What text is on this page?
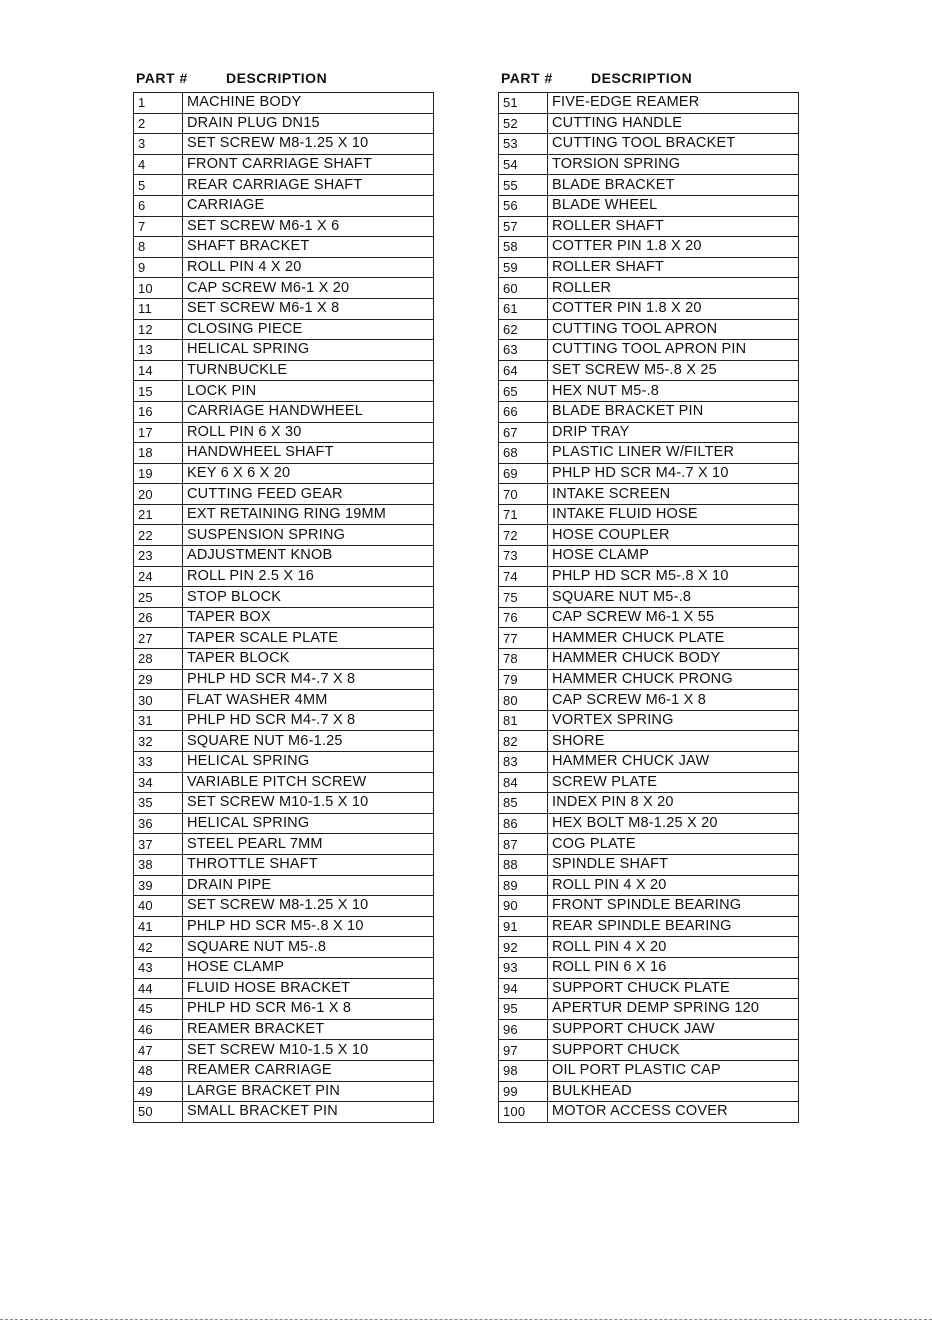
PART #	DESCRIPTION
1	MACHINE BODY
2	DRAIN PLUG DN15
3	SET SCREW M8-1.25 X 10
4	FRONT CARRIAGE SHAFT
5	REAR CARRIAGE SHAFT
6	CARRIAGE
7	SET SCREW M6-1 X 6
8	SHAFT BRACKET
9	ROLL PIN 4 X 20
10	CAP SCREW M6-1 X 20
11	SET SCREW M6-1 X 8
12	CLOSING PIECE
13	HELICAL SPRING
14	TURNBUCKLE
15	LOCK PIN
16	CARRIAGE HANDWHEEL
17	ROLL PIN 6 X 30
18	HANDWHEEL SHAFT
19	KEY 6 X 6 X 20
20	CUTTING FEED GEAR
21	EXT RETAINING RING 19MM
22	SUSPENSION SPRING
23	ADJUSTMENT KNOB
24	ROLL PIN 2.5 X 16
25	STOP BLOCK
26	TAPER BOX
27	TAPER SCALE PLATE
28	TAPER BLOCK
29	PHLP HD SCR M4-.7 X 8
30	FLAT WASHER 4MM
31	PHLP HD SCR M4-.7 X 8
32	SQUARE NUT M6-1.25
33	HELICAL SPRING
34	VARIABLE PITCH SCREW
35	SET SCREW M10-1.5 X 10
36	HELICAL SPRING
37	STEEL PEARL 7MM
38	THROTTLE SHAFT
39	DRAIN PIPE
40	SET SCREW M8-1.25 X 10
41	PHLP HD SCR M5-.8 X 10
42	SQUARE NUT M5-.8
43	HOSE CLAMP
44	FLUID HOSE BRACKET
45	PHLP HD SCR M6-1 X 8
46	REAMER BRACKET
47	SET SCREW M10-1.5 X 10
48	REAMER CARRIAGE
49	LARGE BRACKET PIN
50	SMALL BRACKET PIN
PART #	DESCRIPTION
51	FIVE-EDGE REAMER
52	CUTTING HANDLE
53	CUTTING TOOL BRACKET
54	TORSION SPRING
55	BLADE BRACKET
56	BLADE WHEEL
57	ROLLER SHAFT
58	COTTER PIN 1.8 X 20
59	ROLLER SHAFT
60	ROLLER
61	COTTER PIN 1.8 X 20
62	CUTTING TOOL APRON
63	CUTTING TOOL APRON PIN
64	SET SCREW M5-.8 X 25
65	HEX NUT M5-.8
66	BLADE BRACKET PIN
67	DRIP TRAY
68	PLASTIC LINER W/FILTER
69	PHLP HD SCR M4-.7 X 10
70	INTAKE SCREEN
71	INTAKE FLUID HOSE
72	HOSE COUPLER
73	HOSE CLAMP
74	PHLP HD SCR M5-.8 X 10
75	SQUARE NUT M5-.8
76	CAP SCREW M6-1 X 55
77	HAMMER CHUCK PLATE
78	HAMMER CHUCK BODY
79	HAMMER CHUCK PRONG
80	CAP SCREW M6-1 X 8
81	VORTEX SPRING
82	SHORE
83	HAMMER CHUCK JAW
84	SCREW PLATE
85	INDEX PIN 8 X 20
86	HEX BOLT M8-1.25 X 20
87	COG PLATE
88	SPINDLE SHAFT
89	ROLL PIN 4 X 20
90	FRONT SPINDLE BEARING
91	REAR SPINDLE BEARING
92	ROLL PIN 4 X 20
93	ROLL PIN 6 X 16
94	SUPPORT CHUCK PLATE
95	APERTUR DEMP SPRING 120
96	SUPPORT CHUCK JAW
97	SUPPORT CHUCK
98	OIL PORT PLASTIC CAP
99	BULKHEAD
100	MOTOR ACCESS COVER
